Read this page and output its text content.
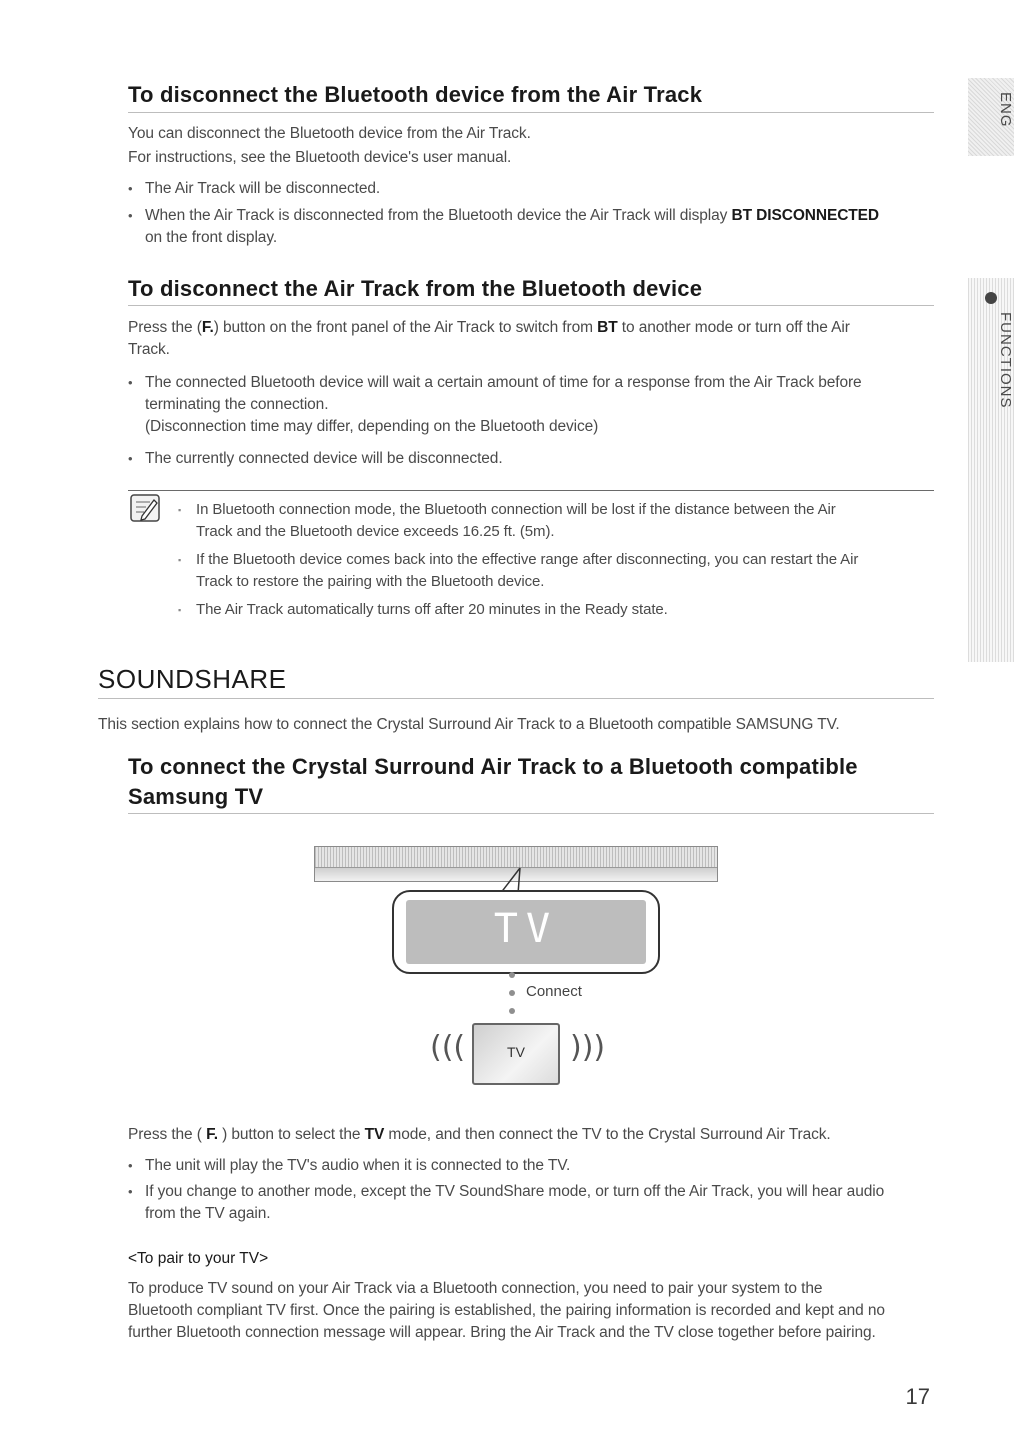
ENG
FUNCTIONS
To disconnect the Bluetooth device from the Air Track

You can disconnect the Bluetooth device from the Air Track.

For instructions, see the Bluetooth device's user manual.

• The Air Track will be disconnected.
• When the Air Track is disconnected from the Bluetooth device the Air Track will display BT DISCONNECTED
on the front display.
To disconnect the Air Track from the Bluetooth device

Press the (F.) button on the front panel of the Air Track to switch from BT to another mode or turn off the Air
Track.

• The connected Bluetooth device will wait a certain amount of time for a response from the Air Track before
terminating the connection.
(Disconnection time may differ, depending on the Bluetooth device)
• The currently connected device will be disconnected.
▪ In Bluetooth connection mode, the Bluetooth connection will be lost if the distance between the Air
Track and the Bluetooth device exceeds 16.25 ft. (5m).
▪ If the Bluetooth device comes back into the effective range after disconnecting, you can restart the Air
Track to restore the pairing with the Bluetooth device.
▪ The Air Track automatically turns off after 20 minutes in the Ready state.
SOUNDSHARE

This section explains how to connect the Crystal Surround Air Track to a Bluetooth compatible SAMSUNG TV.

To connect the Crystal Surround Air Track to a Bluetooth compatible
Samsung TV
TV
Connect
(((	TV	)))

Press the ( F. ) button to select the TV mode, and then connect the TV to the Crystal Surround Air Track.

• The unit will play the TV's audio when it is connected to the TV.
• If you change to another mode, except the TV SoundShare mode, or turn off the Air Track, you will hear audio
from the TV again.
<To pair to your TV>

To produce TV sound on your Air Track via a Bluetooth connection, you need to pair your system to the
Bluetooth compliant TV first. Once the pairing is established, the pairing information is recorded and kept and no
further Bluetooth connection message will appear. Bring the Air Track and the TV close together before pairing.

17
